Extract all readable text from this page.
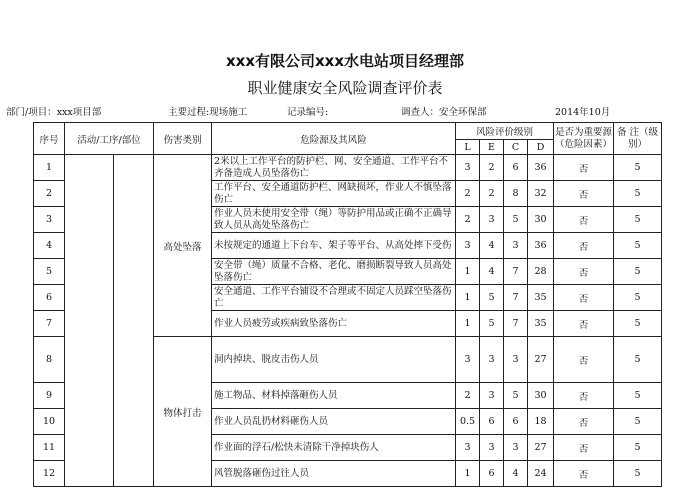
xxx有限公司xxx水电站项目经理部
职业健康安全风险调查评价表
部门/项目：xxx项目部	主要过程:现场施工	记录编号:	调查人：安全环保部	2014年10月
序号	活动/工序/部位	伤害类别	危险源及其风险	风险评价级别				是否为重要源（危险因素）	备 注（级别）
				L	E	C	D		
1		高处坠落	2米以上工作平台的防护栏、网、安全通道、工作平台不齐备造成人员坠落伤亡	3	2	6	36	否	5
2			工作平台、安全通道防护栏、网缺损坏，作业人不慎坠落伤亡	2	2	8	32	否	5
3			作业人员未使用安全带（绳）等防护用品或正确不正确导致人员从高处坠落伤亡	2	3	5	30	否	5
4			未按规定的通道上下台车、架子等平台、从高处摔下受伤	3	4	3	36	否	5
5			安全带（绳）质量不合格、老化、磨损断裂导致人员高处坠落伤亡	1	4	7	28	否	5
6			安全通道、工作平台铺设不合理或不固定人员踩空坠落伤亡	1	5	7	35	否	5
7			作业人员疲劳或疾病致坠落伤亡	1	5	7	35	否	5
8		物体打击	洞内掉块、脱皮击伤人员	3	3	3	27	否	5
9			施工物品、材料掉落砸伤人员	2	3	5	30	否	5
10			作业人员乱扔材料砸伤人员	0.5	6	6	18	否	5
11			作业面的浮石/松快未清除干净掉块伤人	3	3	3	27	否	5
12			风管脱落砸伤过往人员	1	6	4	24	否	5
